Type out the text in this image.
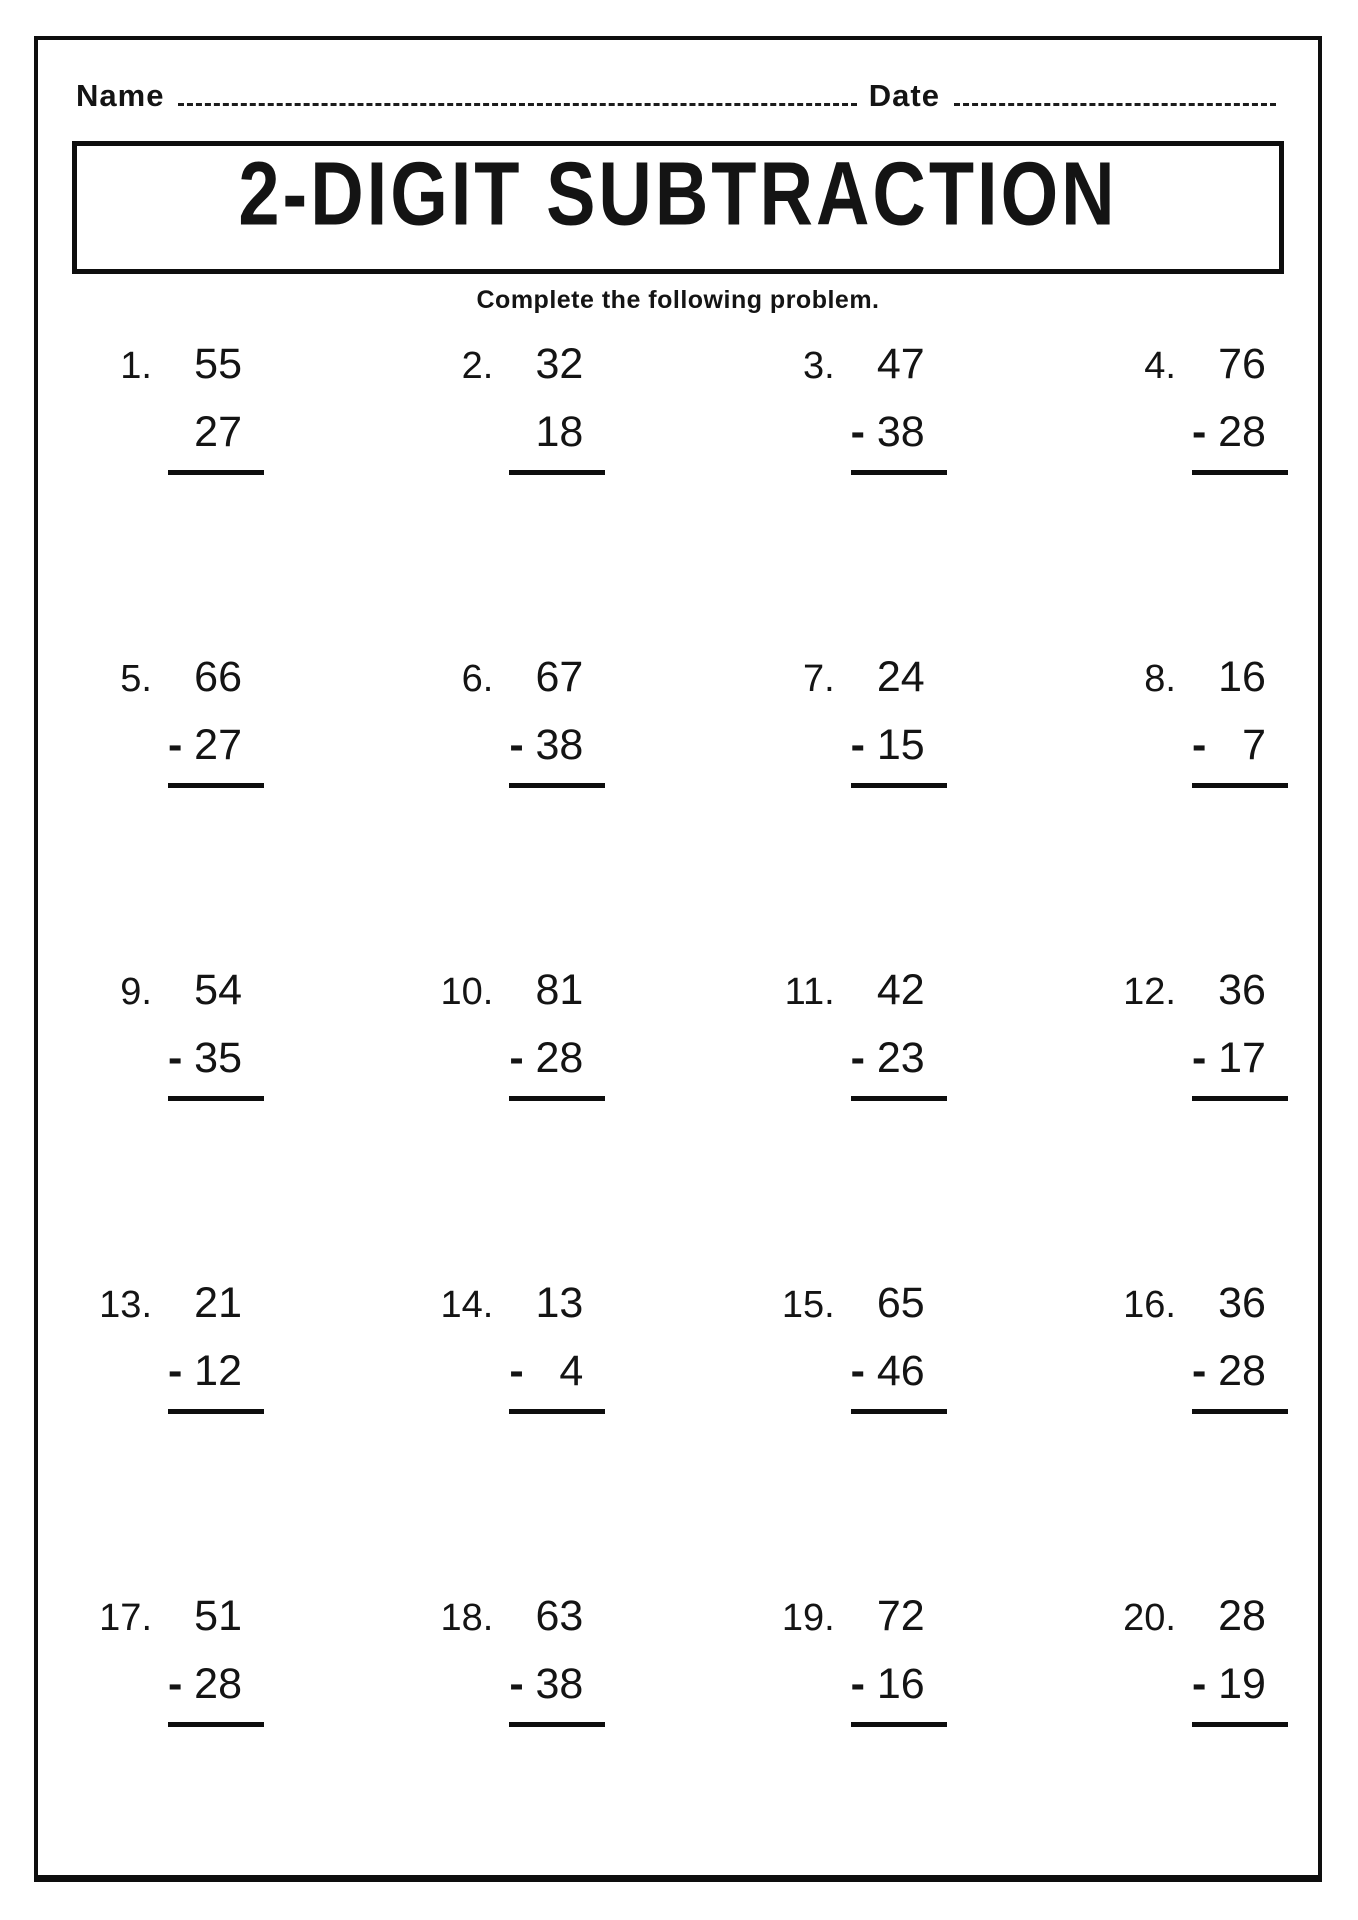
Name	Date
2-DIGIT SUBTRACTION
Complete the following problem.
1. 55
27
2. 32
18
3. 47
- 38
4. 76
- 28
5. 66
- 27
6. 67
- 38
7. 24
- 15
8. 16
- 7
9. 54
- 35
10. 81
- 28
11. 42
- 23
12. 36
- 17
13. 21
- 12
14. 13
- 4
15. 65
- 46
16. 36
- 28
17. 51
- 28
18. 63
- 38
19. 72
- 16
20. 28
- 19
